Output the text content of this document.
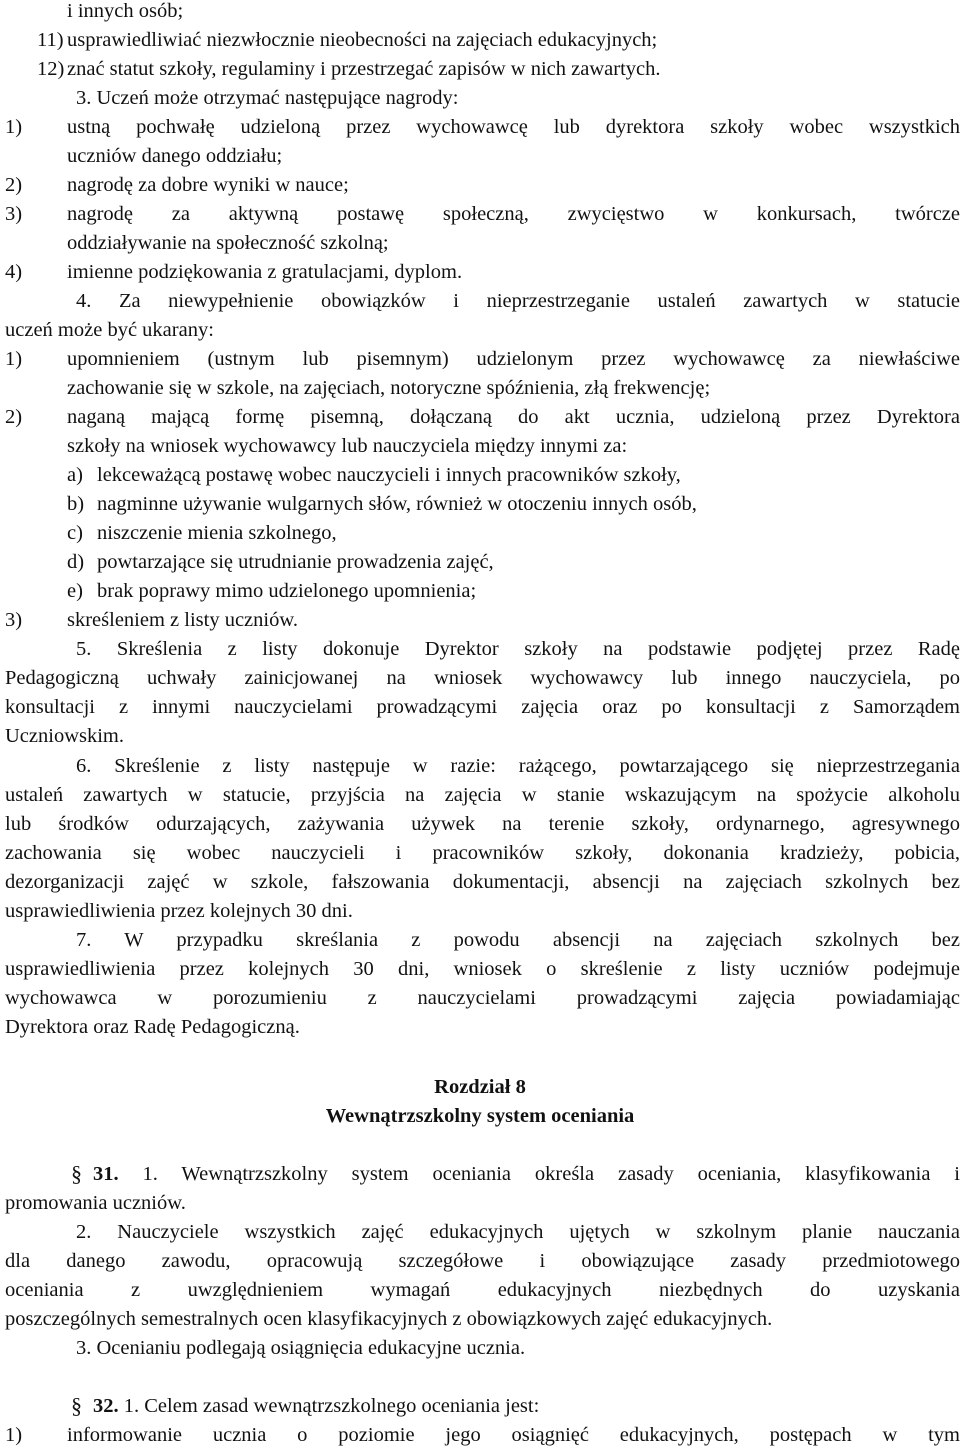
i innych osób;
11) usprawiedliwiać niezwłocznie nieobecności na zajęciach edukacyjnych;
12) znać statut szkoły, regulaminy i przestrzegać zapisów w nich zawartych.
3. Uczeń może otrzymać następujące nagrody:
1) ustną pochwałę udzieloną przez wychowawcę lub dyrektora szkoły wobec wszystkich
uczniów danego oddziału;
2) nagrodę za dobre wyniki w nauce;
3) nagrodę za aktywną postawę społeczną, zwycięstwo w konkursach, twórcze
oddziaływanie na społeczność szkolną;
4) imienne podziękowania z gratulacjami, dyplom.
4. Za niewypełnienie obowiązków i nieprzestrzeganie ustaleń zawartych w statucie
uczeń może być ukarany:
1) upomnieniem (ustnym lub pisemnym) udzielonym przez wychowawcę za niewłaściwe
zachowanie się w szkole, na zajęciach, notoryczne spóźnienia, złą frekwencję;
2) naganą mającą formę pisemną, dołączaną do akt ucznia, udzieloną przez Dyrektora
szkoły na wniosek wychowawcy lub nauczyciela między innymi za:
a) lekceważącą postawę wobec nauczycieli i innych pracowników szkoły,
b) nagminne używanie wulgarnych słów, również w otoczeniu innych osób,
c) niszczenie mienia szkolnego,
d) powtarzające się utrudnianie prowadzenia zajęć,
e) brak poprawy mimo udzielonego upomnienia;
3) skreśleniem z listy uczniów.
5. Skreślenia z listy dokonuje Dyrektor szkoły na podstawie podjętej przez Radę
Pedagogiczną uchwały zainicjowanej na wniosek wychowawcy lub innego nauczyciela, po
konsultacji z innymi nauczycielami prowadzącymi zajęcia oraz po konsultacji z Samorządem
Uczniowskim.
6. Skreślenie z listy następuje w razie: rażącego, powtarzającego się nieprzestrzegania
ustaleń zawartych w statucie, przyjścia na zajęcia w stanie wskazującym na spożycie alkoholu
lub środków odurzających, zażywania używek na terenie szkoły, ordynarnego, agresywnego
zachowania się wobec nauczycieli i pracowników szkoły, dokonania kradzieży, pobicia,
dezorganizacji zajęć w szkole, fałszowania dokumentacji, absencji na zajęciach szkolnych bez
usprawiedliwienia przez kolejnych 30 dni.
7. W przypadku skreślania z powodu absencji na zajęciach szkolnych bez
usprawiedliwienia przez kolejnych 30 dni, wniosek o skreślenie z listy uczniów podejmuje
wychowawca w porozumieniu z nauczycielami prowadzącymi zajęcia powiadamiając
Dyrektora oraz Radę Pedagogiczną.
Rozdział 8
Wewnątrzszkolny system oceniania
§31. 1. Wewnątrzszkolny system oceniania określa zasady oceniania, klasyfikowania i
promowania uczniów.
2. Nauczyciele wszystkich zajęć edukacyjnych ujętych w szkolnym planie nauczania
dla danego zawodu, opracowują szczegółowe i obowiązujące zasady przedmiotowego
oceniania z uwzględnieniem wymagań edukacyjnych niezbędnych do uzyskania
poszczególnych semestralnych ocen klasyfikacyjnych z obowiązkowych zajęć edukacyjnych.
3. Ocenianiu podlegają osiągnięcia edukacyjne ucznia.
§32. 1. Celem zasad wewnątrzszkolnego oceniania jest:
1) informowanie ucznia o poziomie jego osiągnięć edukacyjnych, postępach w tym
